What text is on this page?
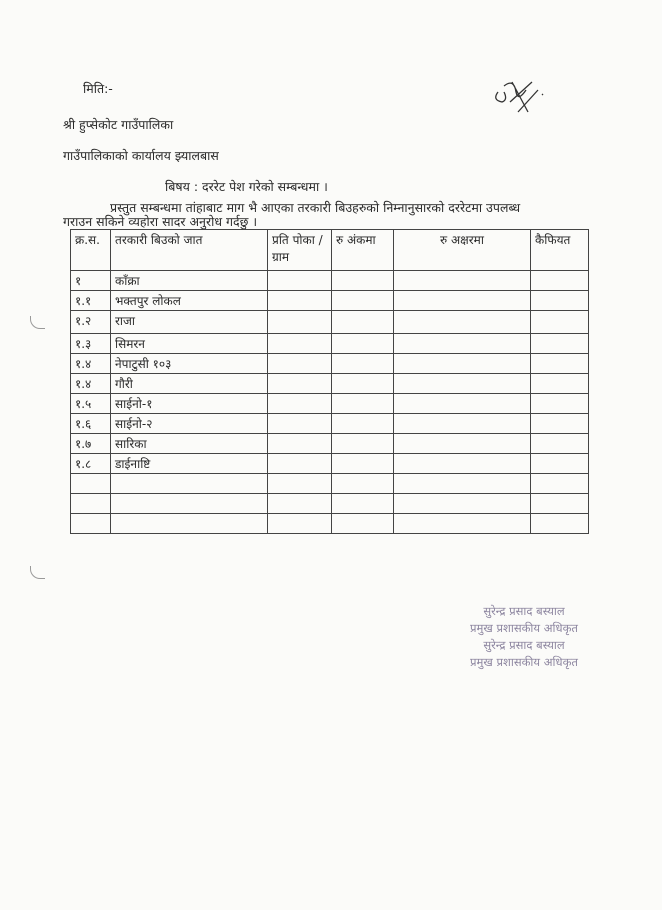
मिति:-
श्री हुप्सेकोट गाउँपालिका
गाउँपालिकाको कार्यालय झ्यालबास
बिषय : दररेट पेश गरेको सम्बन्धमा ।
प्रस्तुत सम्बन्धमा तांहाबाट माग भै आएका तरकारी बिउहरुको निम्नानुसारको दररेटमा उपलब्ध
गराउन सकिने व्यहोरा सादर अनुरोध गर्दछु ।
क्र.स.	तरकारी बिउको जात	प्रति पोका /ग्राम	रु अंकमा	रु अक्षरमा	कैफियत
१	काँक्रा				
१.१	भक्तपुर लोकल				
१.२	राजा				
१.३	सिमरन				
१.४	नेपाटुसी १०३				
१.४	गौरी				
१.५	साईनो-१				
१.६	साईनो-२				
१.७	सारिका				
१.८	डाईनाष्टि				

सुरेन्द्र प्रसाद बस्याल
प्रमुख प्रशासकीय अधिकृत
सुरेन्द्र प्रसाद बस्याल
प्रमुख प्रशासकीय अधिकृत
